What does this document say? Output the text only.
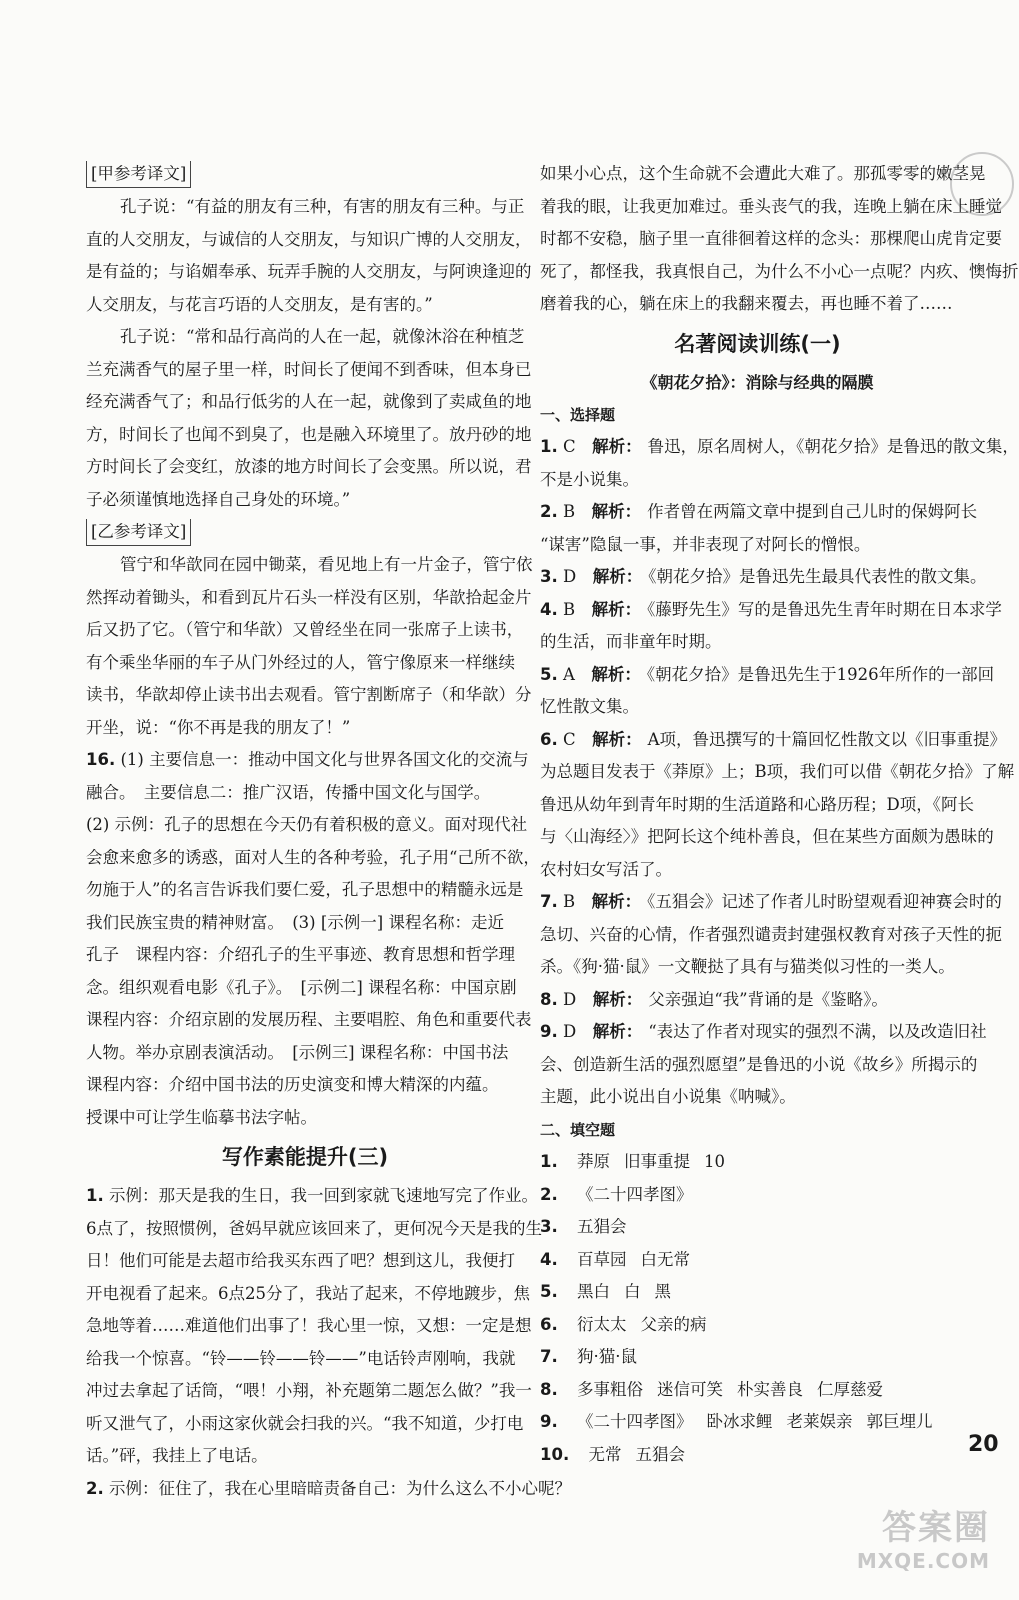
[甲参考译文]
孔子说：“有益的朋友有三种，有害的朋友有三种。与正
直的人交朋友，与诚信的人交朋友，与知识广博的人交朋友，
是有益的；与谄媚奉承、玩弄手腕的人交朋友，与阿谀逢迎的
人交朋友，与花言巧语的人交朋友，是有害的。”
孔子说：“常和品行高尚的人在一起，就像沐浴在种植芝
兰充满香气的屋子里一样，时间长了便闻不到香味，但本身已
经充满香气了；和品行低劣的人在一起，就像到了卖咸鱼的地
方，时间长了也闻不到臭了，也是融入环境里了。放丹砂的地
方时间长了会变红，放漆的地方时间长了会变黑。所以说，君
子必须谨慎地选择自己身处的环境。”
[乙参考译文]
管宁和华歆同在园中锄菜，看见地上有一片金子，管宁依
然挥动着锄头，和看到瓦片石头一样没有区别，华歆拾起金片
后又扔了它。（管宁和华歆）又曾经坐在同一张席子上读书，
有个乘坐华丽的车子从门外经过的人，管宁像原来一样继续
读书，华歆却停止读书出去观看。管宁割断席子（和华歆）分
开坐，说：“你不再是我的朋友了！”
16. (1) 主要信息一：推动中国文化与世界各国文化的交流与
融合。　主要信息二：推广汉语，传播中国文化与国学。
(2) 示例：孔子的思想在今天仍有着积极的意义。面对现代社
会愈来愈多的诱惑，面对人生的各种考验，孔子用“己所不欲，
勿施于人”的名言告诉我们要仁爱，孔子思想中的精髓永远是
我们民族宝贵的精神财富。　(3) [示例一] 课程名称：走近
孔子　课程内容：介绍孔子的生平事迹、教育思想和哲学理
念。组织观看电影《孔子》。　[示例二] 课程名称：中国京剧
课程内容：介绍京剧的发展历程、主要唱腔、角色和重要代表
人物。举办京剧表演活动。　[示例三] 课程名称：中国书法
课程内容：介绍中国书法的历史演变和博大精深的内蕴。
授课中可让学生临摹书法字帖。
写作素能提升(三)
1. 示例：那天是我的生日，我一回到家就飞速地写完了作业。
6点了，按照惯例，爸妈早就应该回来了，更何况今天是我的生
日！他们可能是去超市给我买东西了吧？想到这儿，我便打
开电视看了起来。6点25分了，我站了起来，不停地踱步，焦
急地等着……难道他们出事了！我心里一惊，又想：一定是想
给我一个惊喜。“铃——铃——铃——”电话铃声刚响，我就
冲过去拿起了话筒，“喂！小翔，补充题第二题怎么做？”我一
听又泄气了，小雨这家伙就会扫我的兴。“我不知道，少打电
话。”砰，我挂上了电话。
2. 示例：征住了，我在心里暗暗责备自己：为什么这么不小心呢？
如果小心点，这个生命就不会遭此大难了。那孤零零的嫩茎晃
着我的眼，让我更加难过。垂头丧气的我，连晚上躺在床上睡觉
时都不安稳，脑子里一直徘徊着这样的念头：那棵爬山虎肯定要
死了，都怪我，我真恨自己，为什么不小心一点呢？内疚、懊悔折
磨着我的心，躺在床上的我翻来覆去，再也睡不着了……
名著阅读训练(一)
《朝花夕拾》：消除与经典的隔膜
一、选择题
1. C　 解析： 鲁迅，原名周树人，《朝花夕拾》是鲁迅的散文集，
不是小说集。
2. B　 解析： 作者曾在两篇文章中提到自己儿时的保姆阿长
“谋害”隐鼠一事，并非表现了对阿长的憎恨。
3. D　 解析： 《朝花夕拾》是鲁迅先生最具代表性的散文集。
4. B　 解析： 《藤野先生》写的是鲁迅先生青年时期在日本求学
的生活，而非童年时期。
5. A　 解析： 《朝花夕拾》是鲁迅先生于1926年所作的一部回
忆性散文集。
6. C　 解析： A项，鲁迅撰写的十篇回忆性散文以《旧事重提》
为总题目发表于《莽原》上；B项，我们可以借《朝花夕拾》了解
鲁迅从幼年到青年时期的生活道路和心路历程；D项，《阿长
与〈山海经〉》把阿长这个纯朴善良，但在某些方面颇为愚昧的
农村妇女写活了。
7. B　 解析： 《五猖会》记述了作者儿时盼望观看迎神赛会时的
急切、兴奋的心情，作者强烈谴责封建强权教育对孩子天性的扼
杀。《狗·猫·鼠》一文鞭挞了具有与猫类似习性的一类人。
8. D　 解析： 父亲强迫“我”背诵的是《鉴略》。
9. D　 解析： “表达了作者对现实的强烈不满，以及改造旧社
会、创造新生活的强烈愿望”是鲁迅的小说《故乡》所揭示的
主题，此小说出自小说集《呐喊》。
二、填空题
1. 莽原 旧事重提 10
2. 《二十四孝图》
3. 五猖会
4. 百草园 白无常
5. 黑白 白 黑
6. 衍太太 父亲的病
7. 狗·猫·鼠
8. 多事粗俗 迷信可笑 朴实善良 仁厚慈爱
9. 《二十四孝图》 卧冰求鲤 老莱娱亲 郭巨埋儿
10. 无常 五猖会	20
答案圈
MXQE.COM
